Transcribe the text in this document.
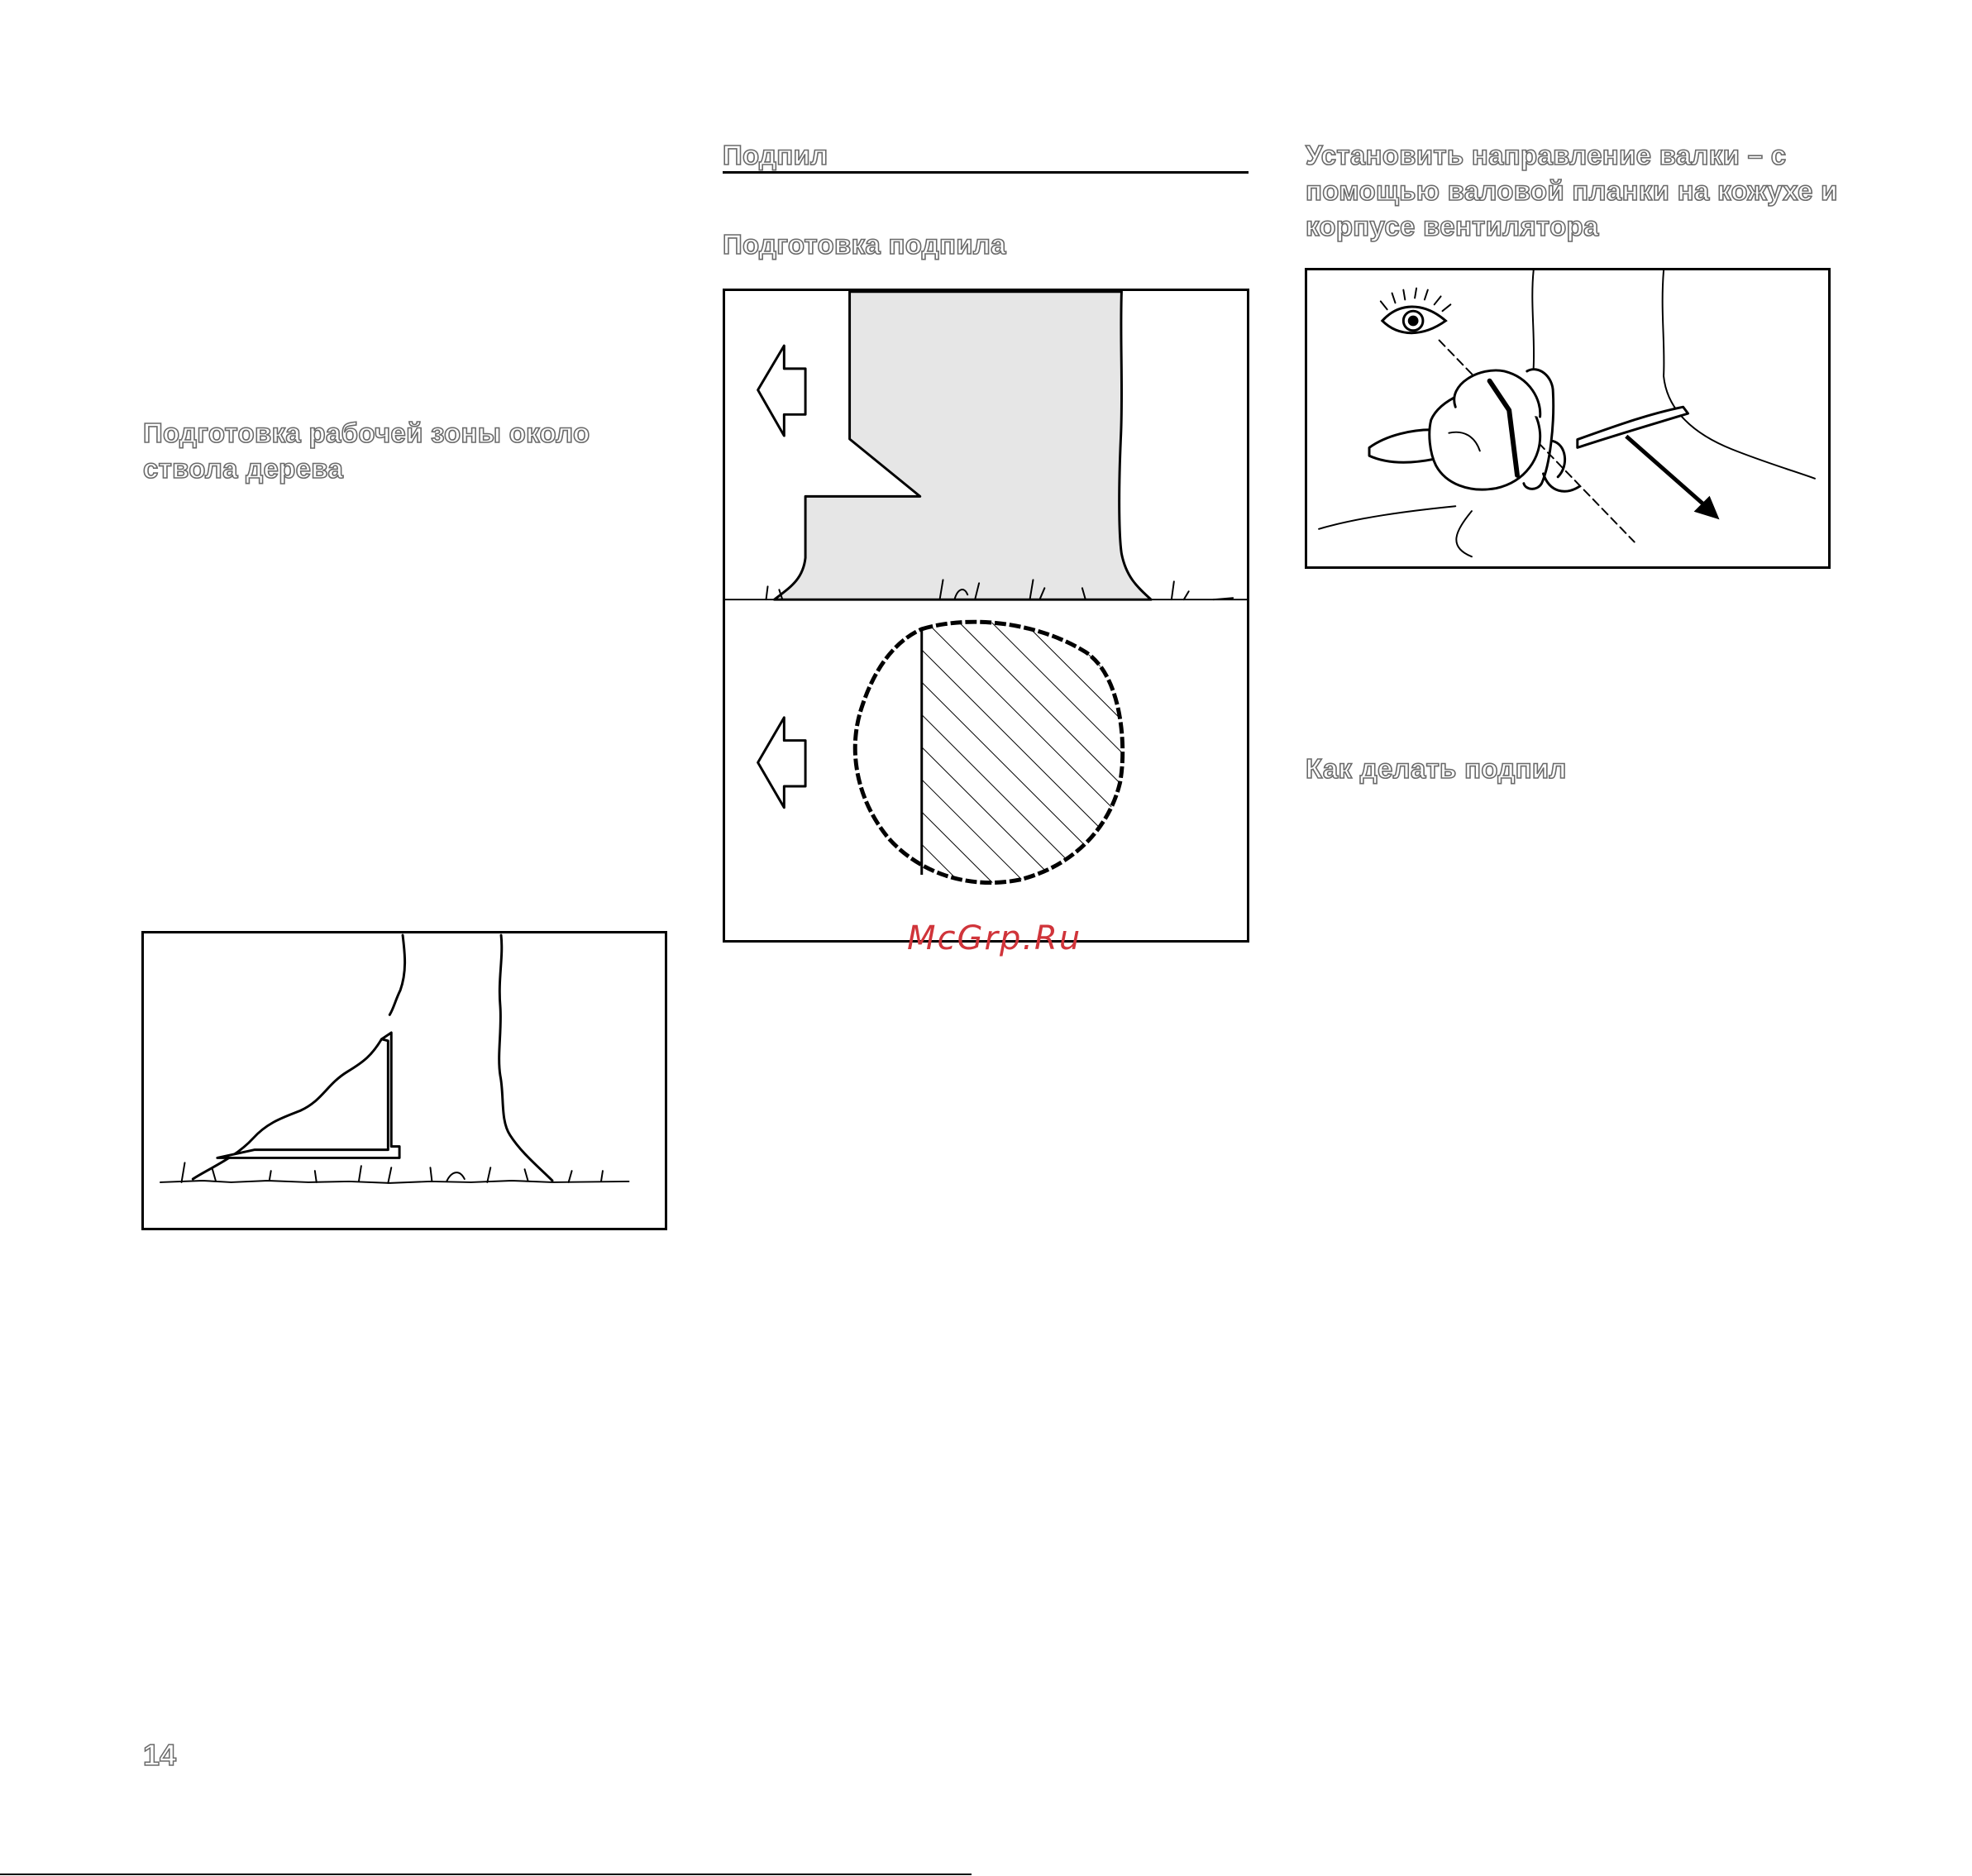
Подготовка рабочей зоны около
ствола дерева
Подпил
Подготовка подпила

McGrp.Ru

Установить направление валки – с
помощью валовой планки на кожухе и
корпусе вентилятора
Как делать подпил

14
